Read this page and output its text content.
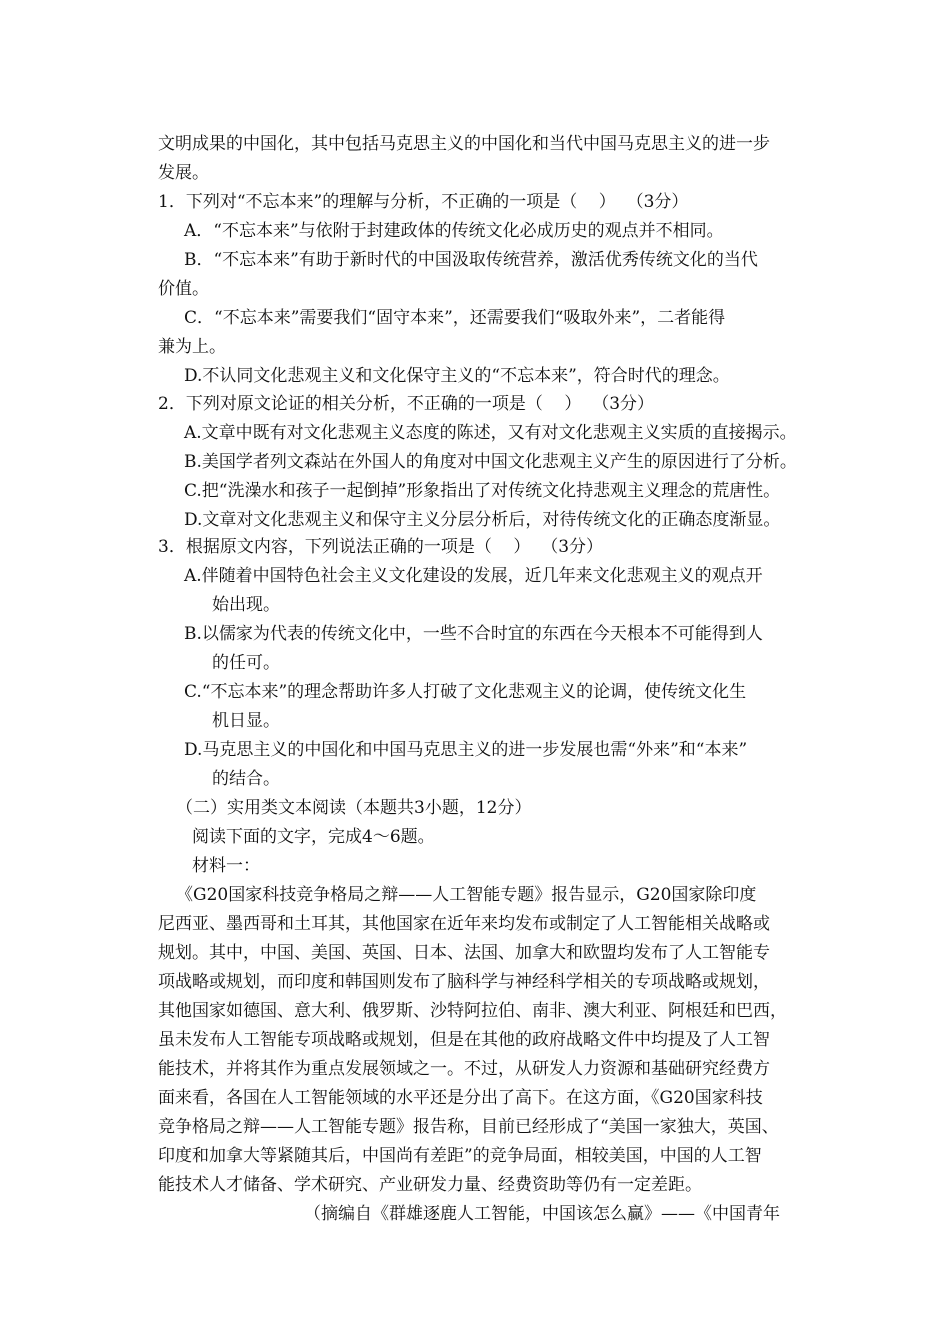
文明成果的中国化，其中包括马克思主义的中国化和当代中国马克思主义的进一步
发展。
1．下列对“不忘本来”的理解与分析，不正确的一项是（    ）  （3分）
A．“不忘本来”与依附于封建政体的传统文化必成历史的观点并不相同。
B．“不忘本来”有助于新时代的中国汲取传统营养，激活优秀传统文化的当代
价值。
C．“不忘本来”需要我们“固守本来”，还需要我们“吸取外来”，二者能得
兼为上。
D.不认同文化悲观主义和文化保守主义的“不忘本来”，符合时代的理念。
2．下列对原文论证的相关分析，不正确的一项是（    ）  （3分）
A.文章中既有对文化悲观主义态度的陈述，又有对文化悲观主义实质的直接揭示。
B.美国学者列文森站在外国人的角度对中国文化悲观主义产生的原因进行了分析。
C.把“洗澡水和孩子一起倒掉”形象指出了对传统文化持悲观主义理念的荒唐性。
D.文章对文化悲观主义和保守主义分层分析后，对待传统文化的正确态度渐显。
3．根据原文内容，下列说法正确的一项是（    ）  （3分）
A.伴随着中国特色社会主义文化建设的发展，近几年来文化悲观主义的观点开
始出现。
B.以儒家为代表的传统文化中，一些不合时宜的东西在今天根本不可能得到人
的任可。
C.“不忘本来”的理念帮助许多人打破了文化悲观主义的论调，使传统文化生
机日显。
D.马克思主义的中国化和中国马克思主义的进一步发展也需“外来”和“本来”
的结合。
（二）实用类文本阅读（本题共3小题，12分）
阅读下面的文字，完成4～6题。
材料一：
《G20国家科技竞争格局之辩——人工智能专题》报告显示，G20国家除印度
尼西亚、墨西哥和土耳其，其他国家在近年来均发布或制定了人工智能相关战略或
规划。其中，中国、美国、英国、日本、法国、加拿大和欧盟均发布了人工智能专
项战略或规划，而印度和韩国则发布了脑科学与神经科学相关的专项战略或规划，
其他国家如德国、意大利、俄罗斯、沙特阿拉伯、南非、澳大利亚、阿根廷和巴西，
虽未发布人工智能专项战略或规划，但是在其他的政府战略文件中均提及了人工智
能技术，并将其作为重点发展领域之一。不过，从研发人力资源和基础研究经费方
面来看，各国在人工智能领域的水平还是分出了高下。在这方面，《G20国家科技
竞争格局之辩——人工智能专题》报告称，目前已经形成了“美国一家独大，英国、
印度和加拿大等紧随其后，中国尚有差距”的竞争局面，相较美国，中国的人工智
能技术人才储备、学术研究、产业研发力量、经费资助等仍有一定差距。
（摘编自《群雄逐鹿人工智能，中国该怎么赢》——《中国青年
